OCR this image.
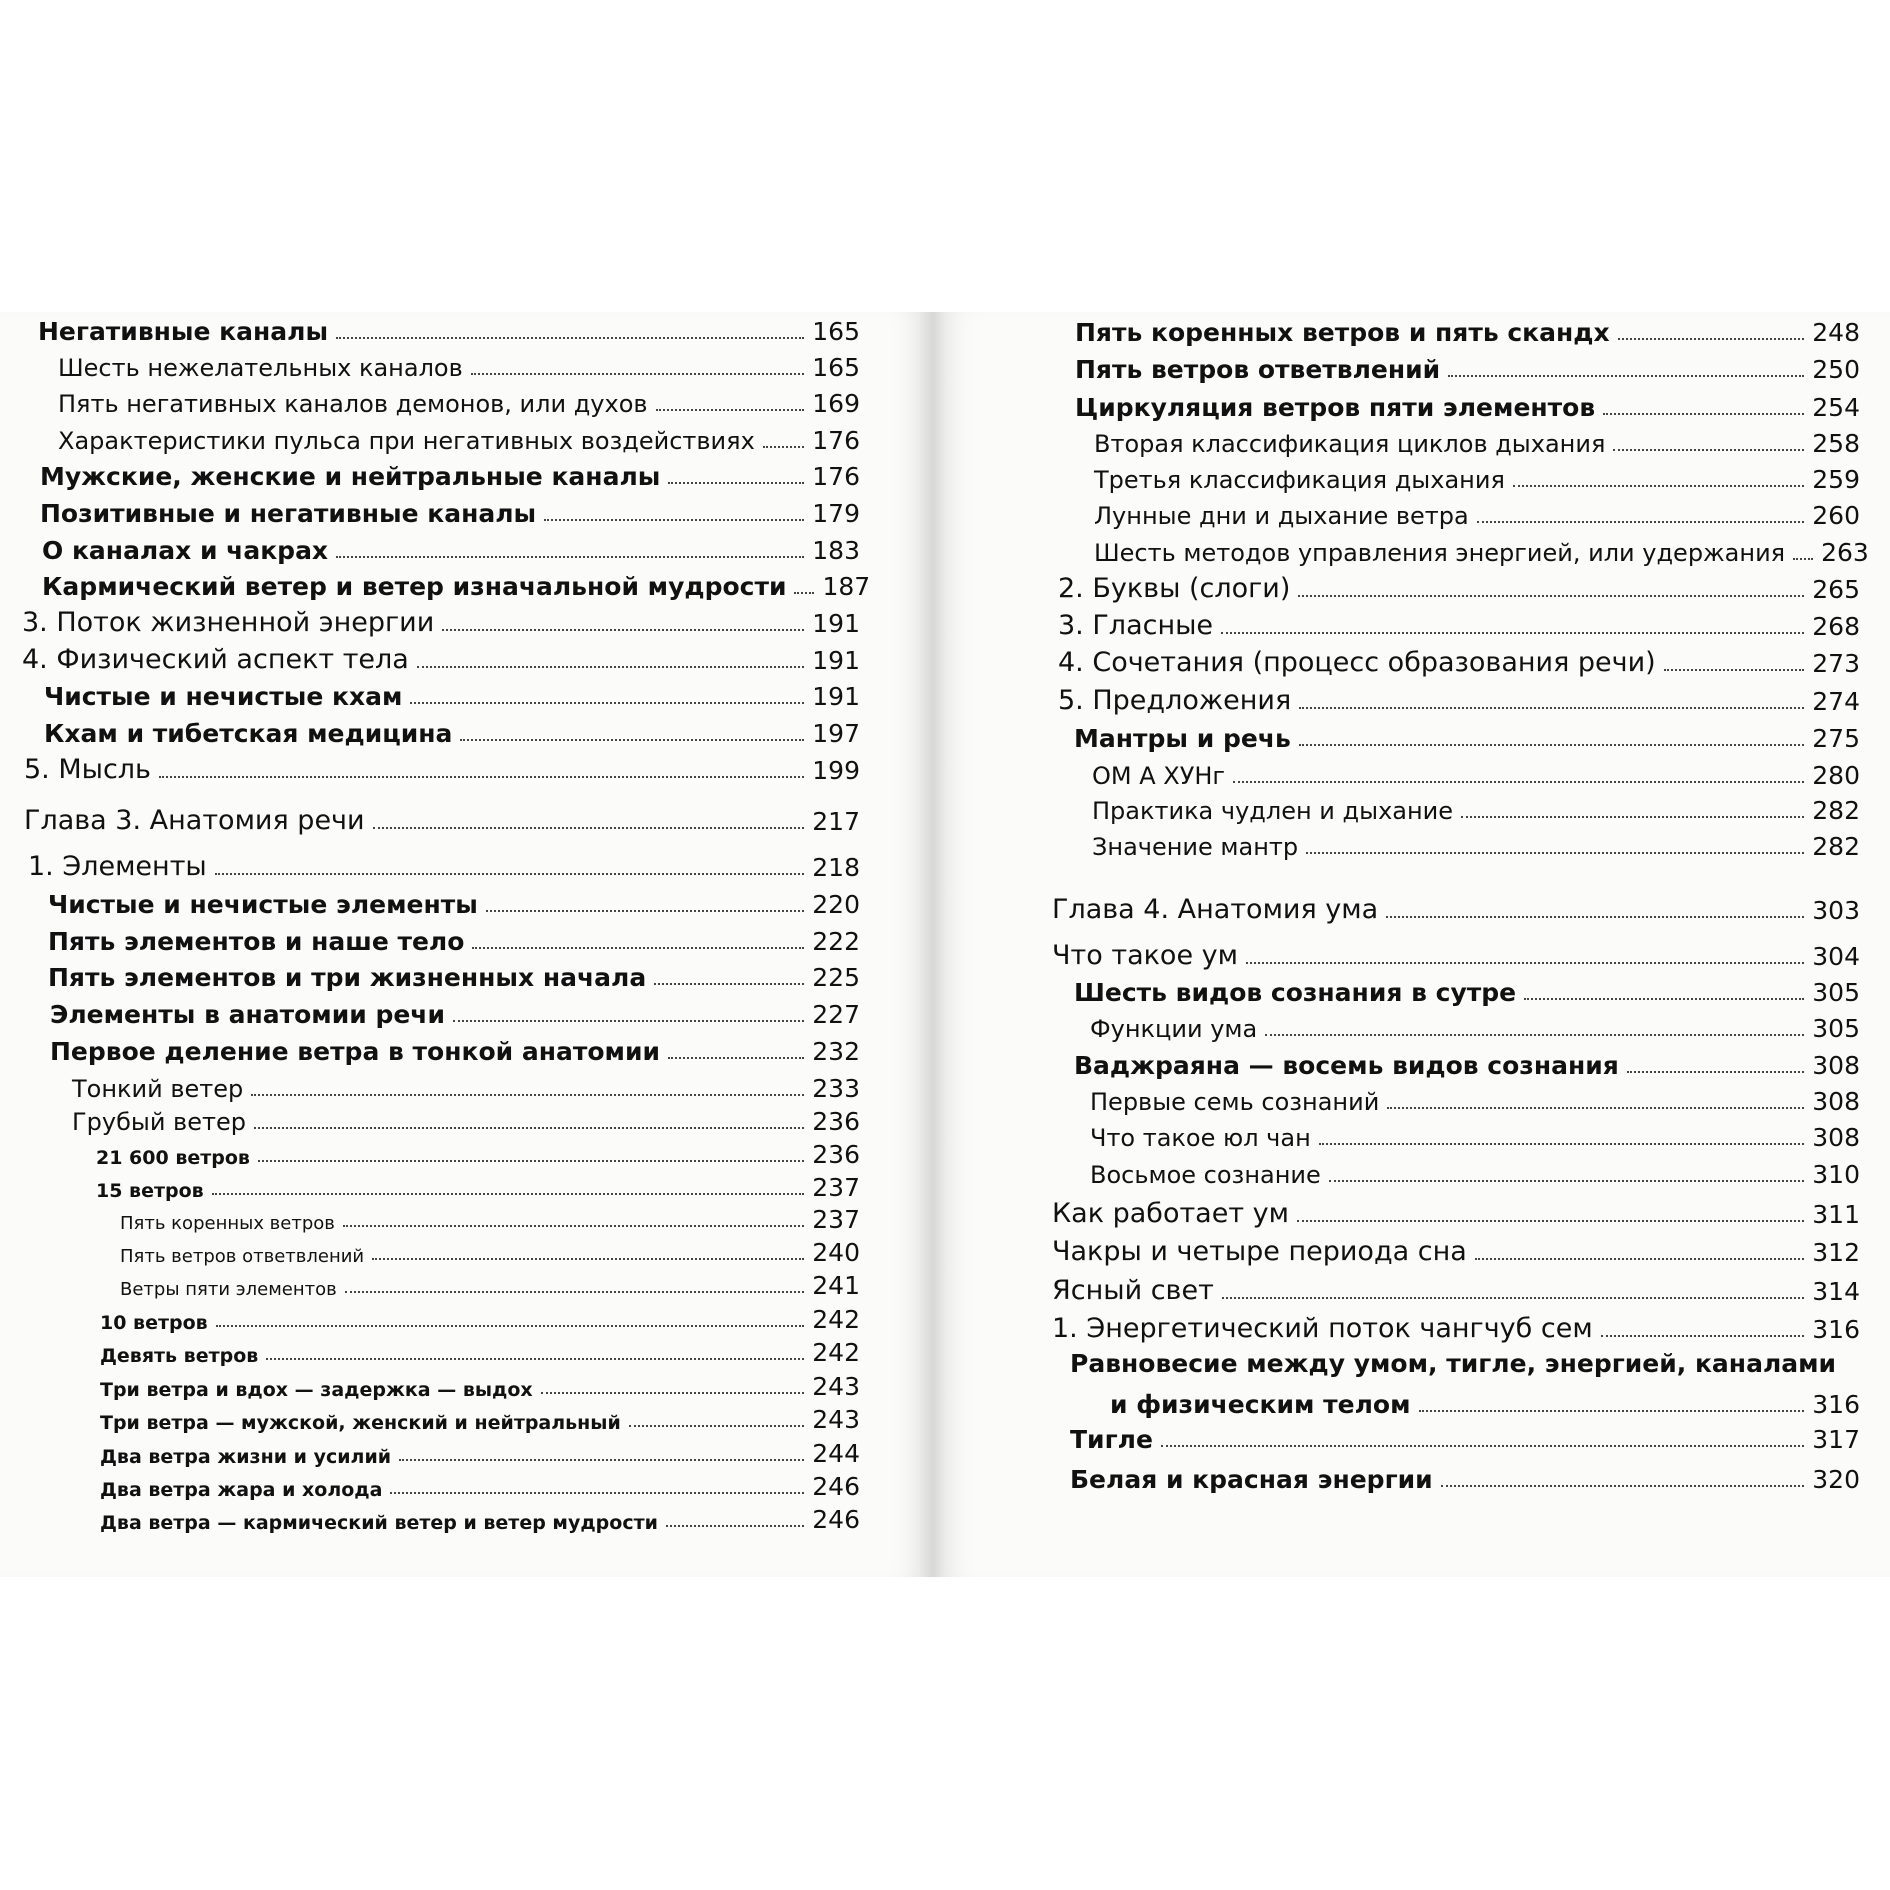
Негативные каналы	165
Шесть нежелательных каналов	165
Пять негативных каналов демонов, или духов	169
Характеристики пульса при негативных воздействиях	176
Мужские, женские и нейтральные каналы	176
Позитивные и негативные каналы	179
О каналах и чакрах	183
Кармический ветер и ветер изначальной мудрости	187
3. Поток жизненной энергии	191
4. Физический аспект тела	191
Чистые и нечистые кхам	191
Кхам и тибетская медицина	197
5. Мысль	199
Глава 3. Анатомия речи	217
1. Элементы	218
Чистые и нечистые элементы	220
Пять элементов и наше тело	222
Пять элементов и три жизненных начала	225
Элементы в анатомии речи	227
Первое деление ветра в тонкой анатомии	232
Тонкий ветер	233
Грубый ветер	236
21 600 ветров	236
15 ветров	237
Пять коренных ветров	237
Пять ветров ответвлений	240
Ветры пяти элементов	241
10 ветров	242
Девять ветров	242
Три ветра и вдох — задержка — выдох	243
Три ветра — мужской, женский и нейтральный	243
Два ветра жизни и усилий	244
Два ветра жара и холода	246
Два ветра — кармический ветер и ветер мудрости	246
Пять коренных ветров и пять скандх	248
Пять ветров ответвлений	250
Циркуляция ветров пяти элементов	254
Вторая классификация циклов дыхания	258
Третья классификация дыхания	259
Лунные дни и дыхание ветра	260
Шесть методов управления энергией, или удержания	263
2. Буквы (слоги)	265
3. Гласные	268
4. Сочетания (процесс образования речи)	273
5. Предложения	274
Мантры и речь	275
ОМ А ХУНг	280
Практика чудлен и дыхание	282
Значение мантр	282
Глава 4. Анатомия ума	303
Что такое ум	304
Шесть видов сознания в сутре	305
Функции ума	305
Ваджраяна — восемь видов сознания	308
Первые семь сознаний	308
Что такое юл чан	308
Восьмое сознание	310
Как работает ум	311
Чакры и четыре периода сна	312
Ясный свет	314
1. Энергетический поток чангчуб сем	316
Равновесие между умом, тигле, энергией, каналами
и физическим телом	316
Тигле	317
Белая и красная энергии	320
